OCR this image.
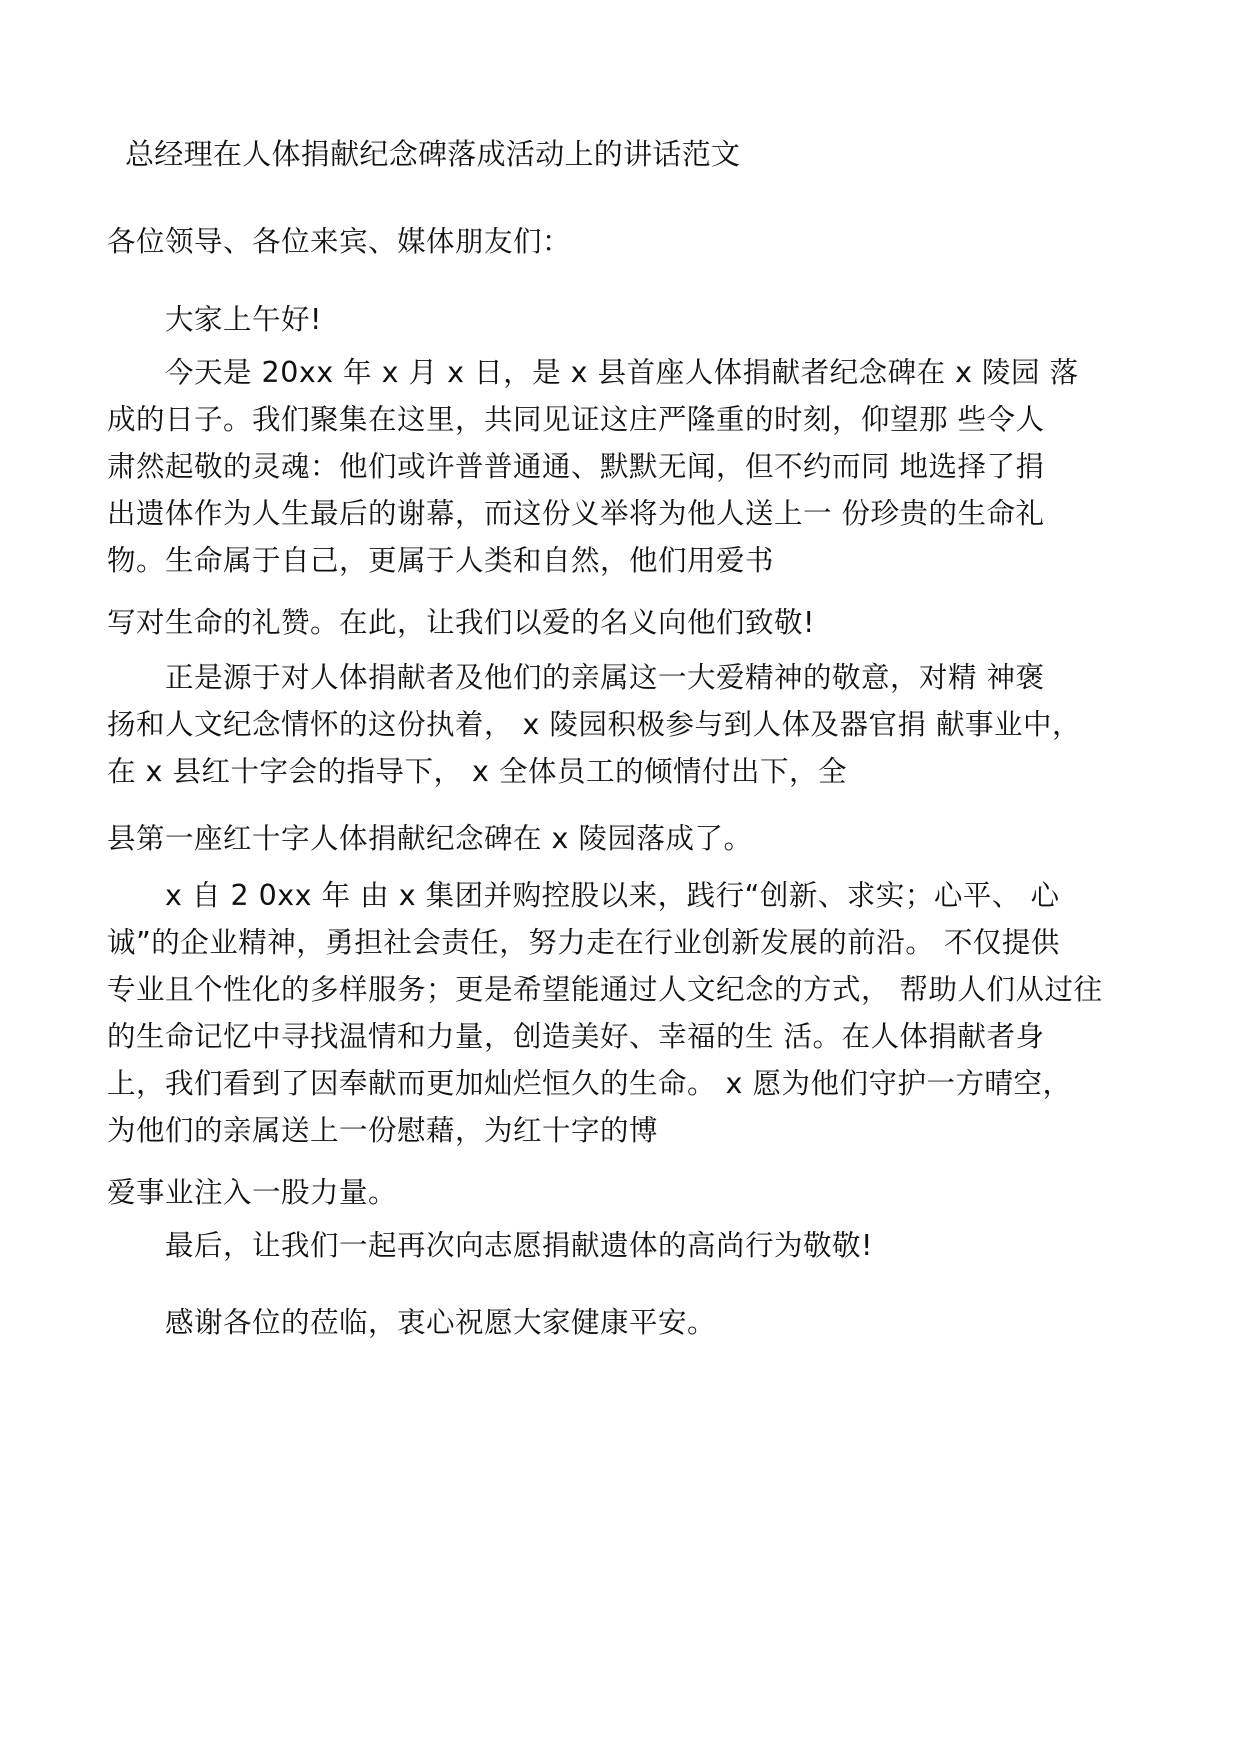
总经理在人体捐献纪念碑落成活动上的讲话范文
各位领导、各位来宾、媒体朋友们：
大家上午好!
今天是 20xx 年 x 月 x 日，是 x 县首座人体捐献者纪念碑在 x 陵园 落
成的日子。我们聚集在这里，共同见证这庄严隆重的时刻，仰望那 些令人
肃然起敬的灵魂：他们或许普普通通、默默无闻，但不约而同 地选择了捐
出遗体作为人生最后的谢幕，而这份义举将为他人送上一 份珍贵的生命礼
物。生命属于自己，更属于人类和自然，他们用爱书
写对生命的礼赞。在此，让我们以爱的名义向他们致敬!
正是源于对人体捐献者及他们的亲属这一大爱精神的敬意，对精 神褒
扬和人文纪念情怀的这份执着， x 陵园积极参与到人体及器官捐 献事业中，
在 x 县红十字会的指导下， x 全体员工的倾情付出下，全
县第一座红十字人体捐献纪念碑在 x 陵园落成了。
x 自 2 0xx 年 由 x 集团并购控股以来，践行“创新、求实；心平、 心
诚”的企业精神，勇担社会责任，努力走在行业创新发展的前沿。 不仅提供
专业且个性化的多样服务；更是希望能通过人文纪念的方式， 帮助人们从过往
的生命记忆中寻找温情和力量，创造美好、幸福的生 活。在人体捐献者身
上，我们看到了因奉献而更加灿烂恒久的生命。 x 愿为他们守护一方晴空，
为他们的亲属送上一份慰藉，为红十字的博
爱事业注入一股力量。
最后，让我们一起再次向志愿捐献遗体的高尚行为敬敬!
感谢各位的莅临，衷心祝愿大家健康平安。
